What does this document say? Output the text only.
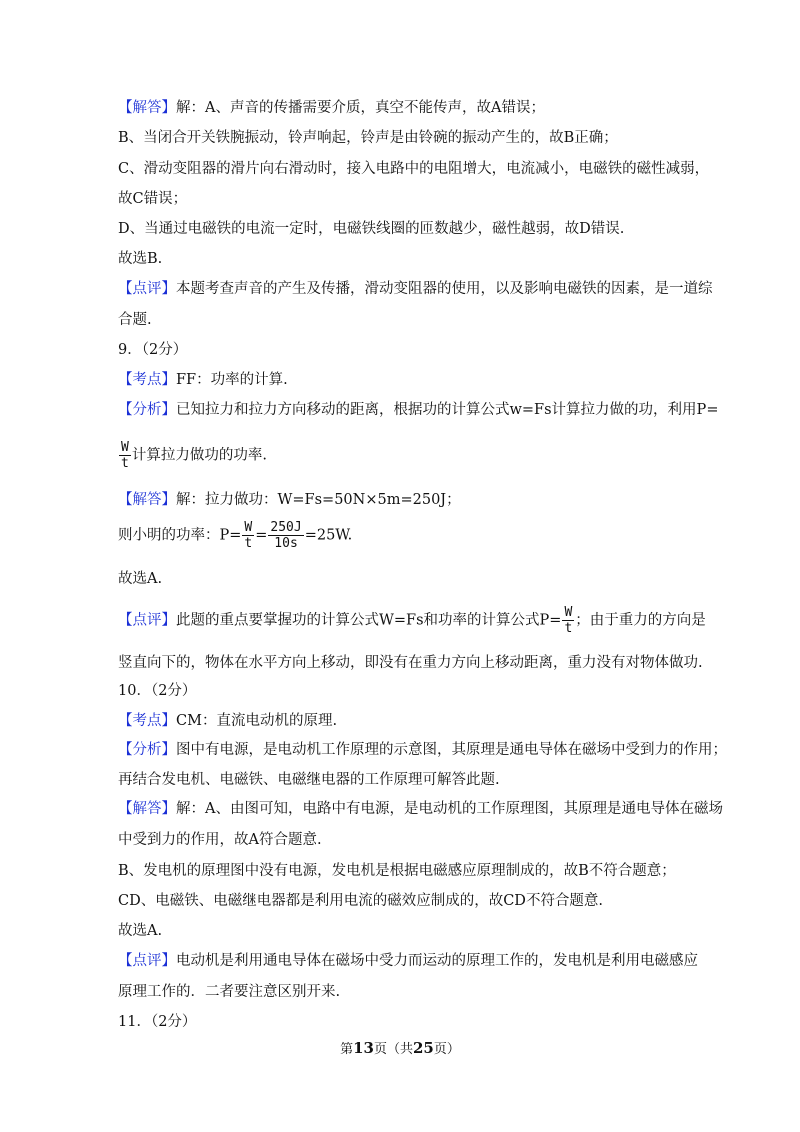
【解答】解：A、声音的传播需要介质，真空不能传声，故A错误；
B、当闭合开关铁腕振动，铃声响起，铃声是由铃碗的振动产生的，故B正确；
C、滑动变阻器的滑片向右滑动时，接入电路中的电阻增大，电流减小，电磁铁的磁性减弱，
故C错误；
D、当通过电磁铁的电流一定时，电磁铁线圈的匝数越少，磁性越弱，故D错误.
故选B.
【点评】本题考查声音的产生及传播，滑动变阻器的使用，以及影响电磁铁的因素，是一道综
合题.
9．（2分）
【考点】FF：功率的计算.
【分析】已知拉力和拉力方向移动的距离，根据功的计算公式w=Fs计算拉力做的功，利用P=
$\frac{W}{t}$ 计算拉力做功的功率.
【解答】解：拉力做功：W=Fs=50N×5m=250J；
则小明的功率：$P= \frac{W}{t} = \frac{250J}{10s} =25W$.
故选A.
【点评】此题的重点要掌握功的计算公式W=Fs和功率的计算公式$P= \frac{W}{t}$ ；由于重力的方向是
竖直向下的，物体在水平方向上移动，即没有在重力方向上移动距离，重力没有对物体做功.
10．（2分）
【考点】CM：直流电动机的原理.
【分析】图中有电源，是电动机工作原理的示意图，其原理是通电导体在磁场中受到力的作用；
再结合发电机、电磁铁、电磁继电器的工作原理可解答此题.
【解答】解：A、由图可知，电路中有电源，是电动机的工作原理图，其原理是通电导体在磁场
中受到力的作用，故A符合题意.
B、发电机的原理图中没有电源，发电机是根据电磁感应原理制成的，故B不符合题意；
CD、电磁铁、电磁继电器都是利用电流的磁效应制成的，故CD不符合题意.
故选A.
【点评】电动机是利用通电导体在磁场中受力而运动的原理工作的，发电机是利用电磁感应
原理工作的．二者要注意区别开来.
11．（2分）
第13页（共25页）
